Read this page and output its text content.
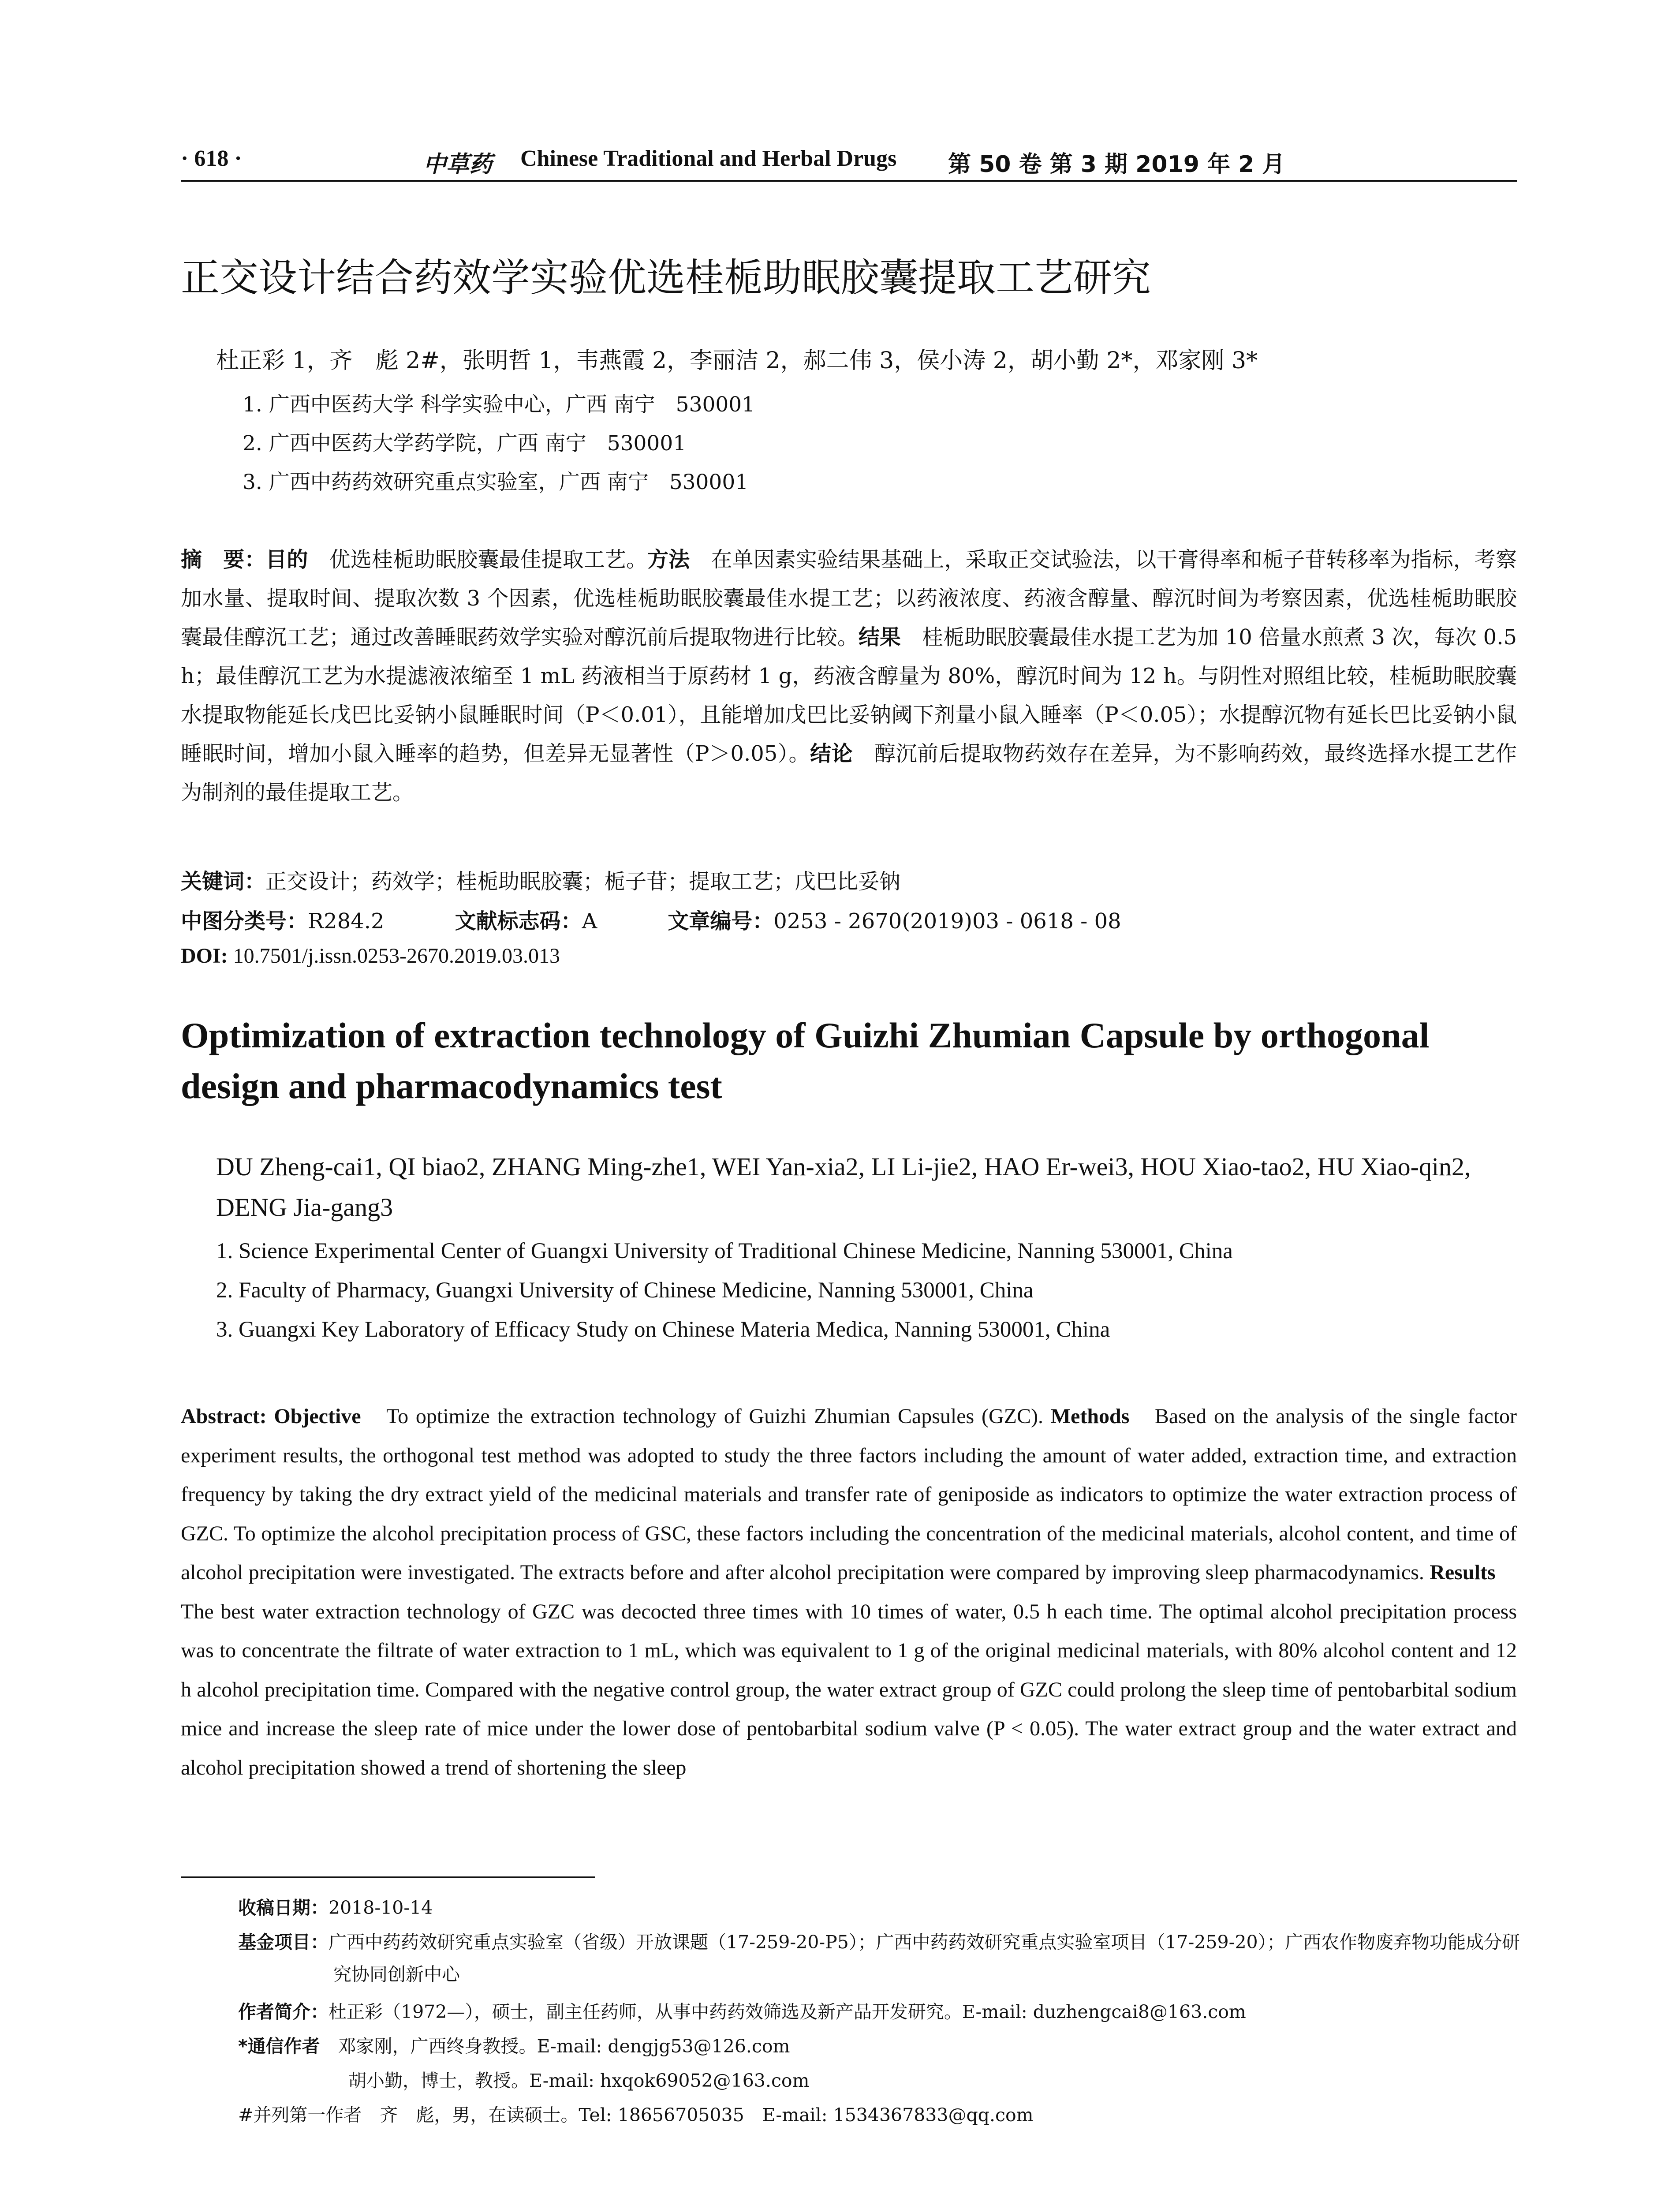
· 618 ·	中草药 Chinese Traditional and Herbal Drugs 第 50 卷 第 3 期 2019 年 2 月
正交设计结合药效学实验优选桂栀助眠胶囊提取工艺研究
杜正彩 1，齐　彪 2#，张明哲 1，韦燕霞 2，李丽洁 2，郝二伟 3，侯小涛 2，胡小勤 2*，邓家刚 3*
1. 广西中医药大学 科学实验中心，广西 南宁　530001
2. 广西中医药大学药学院，广西 南宁　530001
3. 广西中药药效研究重点实验室，广西 南宁　530001
摘　要：目的　优选桂栀助眠胶囊最佳提取工艺。方法　在单因素实验结果基础上，采取正交试验法，以干膏得率和栀子苷转移率为指标，考察加水量、提取时间、提取次数 3 个因素，优选桂栀助眠胶囊最佳水提工艺；以药液浓度、药液含醇量、醇沉时间为考察因素，优选桂栀助眠胶囊最佳醇沉工艺；通过改善睡眠药效学实验对醇沉前后提取物进行比较。结果　桂栀助眠胶囊最佳水提工艺为加 10 倍量水煎煮 3 次，每次 0.5 h；最佳醇沉工艺为水提滤液浓缩至 1 mL 药液相当于原药材 1 g，药液含醇量为 80%，醇沉时间为 12 h。与阴性对照组比较，桂栀助眠胶囊水提取物能延长戊巴比妥钠小鼠睡眠时间（P＜0.01），且能增加戊巴比妥钠阈下剂量小鼠入睡率（P＜0.05）；水提醇沉物有延长巴比妥钠小鼠睡眠时间，增加小鼠入睡率的趋势，但差异无显著性（P＞0.05）。结论　醇沉前后提取物药效存在差异，为不影响药效，最终选择水提工艺作为制剂的最佳提取工艺。
关键词：正交设计；药效学；桂栀助眠胶囊；栀子苷；提取工艺；戊巴比妥钠
中图分类号：R284.2	文献标志码：A	文章编号：0253 - 2670(2019)03 - 0618 - 08
DOI: 10.7501/j.issn.0253-2670.2019.03.013
Optimization of extraction technology of Guizhi Zhumian Capsule by orthogonal design and pharmacodynamics test
DU Zheng-cai1, QI biao2, ZHANG Ming-zhe1, WEI Yan-xia2, LI Li-jie2, HAO Er-wei3, HOU Xiao-tao2, HU Xiao-qin2, DENG Jia-gang3
1. Science Experimental Center of Guangxi University of Traditional Chinese Medicine, Nanning 530001, China
2. Faculty of Pharmacy, Guangxi University of Chinese Medicine, Nanning 530001, China
3. Guangxi Key Laboratory of Efficacy Study on Chinese Materia Medica, Nanning 530001, China
Abstract: Objective　To optimize the extraction technology of Guizhi Zhumian Capsules (GZC). Methods　Based on the analysis of the single factor experiment results, the orthogonal test method was adopted to study the three factors including the amount of water added, extraction time, and extraction frequency by taking the dry extract yield of the medicinal materials and transfer rate of geniposide as indicators to optimize the water extraction process of GZC. To optimize the alcohol precipitation process of GSC, these factors including the concentration of the medicinal materials, alcohol content, and time of alcohol precipitation were investigated. The extracts before and after alcohol precipitation were compared by improving sleep pharmacodynamics. Results　The best water extraction technology of GZC was decocted three times with 10 times of water, 0.5 h each time. The optimal alcohol precipitation process was to concentrate the filtrate of water extraction to 1 mL, which was equivalent to 1 g of the original medicinal materials, with 80% alcohol content and 12 h alcohol precipitation time. Compared with the negative control group, the water extract group of GZC could prolong the sleep time of pentobarbital sodium mice and increase the sleep rate of mice under the lower dose of pentobarbital sodium valve (P < 0.05). The water extract group and the water extract and alcohol precipitation showed a trend of shortening the sleep
收稿日期：2018-10-14
基金项目：广西中药药效研究重点实验室（省级）开放课题（17-259-20-P5）；广西中药药效研究重点实验室项目（17-259-20）；广西农作物废弃物功能成分研究协同创新中心
作者简介：杜正彩（1972—），硕士，副主任药师，从事中药药效筛选及新产品开发研究。E-mail: duzhengcai8@163.com
*通信作者　邓家刚，广西终身教授。E-mail: dengjg53@126.com
胡小勤，博士，教授。E-mail: hxqok69052@163.com
#并列第一作者　齐　彪，男，在读硕士。Tel: 18656705035　E-mail: 1534367833@qq.com
